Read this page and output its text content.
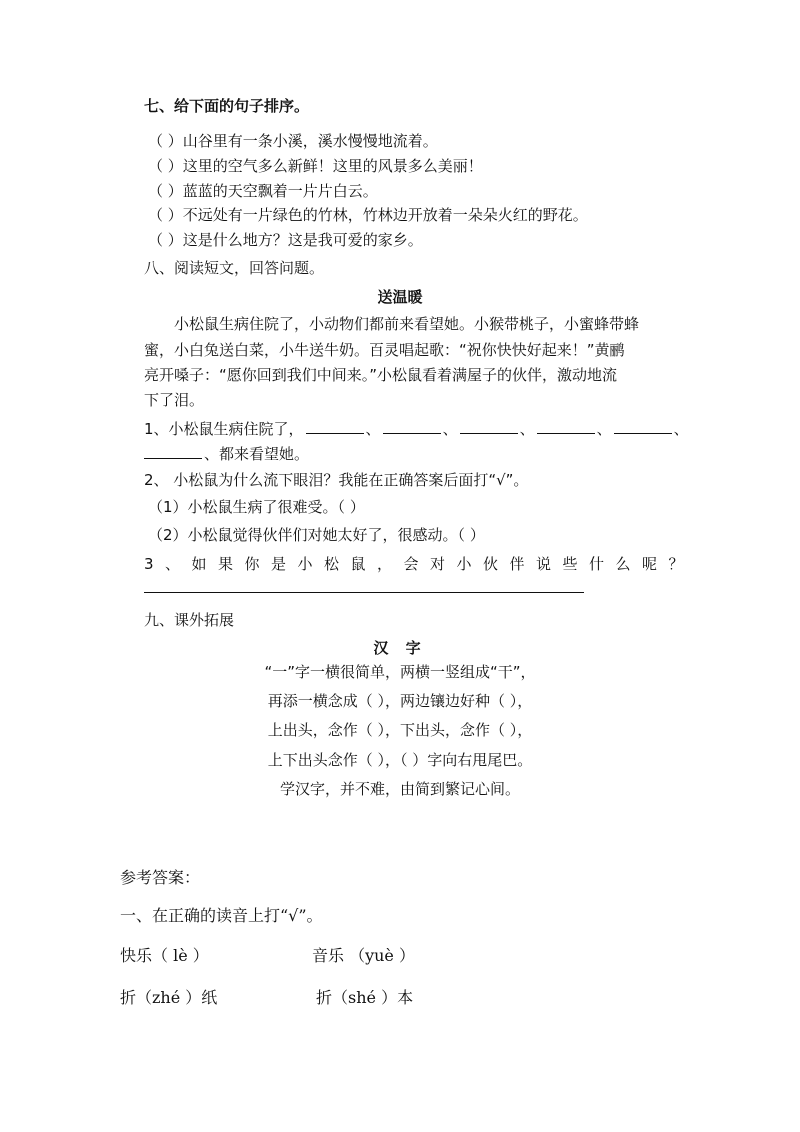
七、给下面的句子排序。
（ ）山谷里有一条小溪，溪水慢慢地流着。
（ ）这里的空气多么新鲜！这里的风景多么美丽！
（ ）蓝蓝的天空飘着一片片白云。
（ ）不远处有一片绿色的竹林，竹林边开放着一朵朵火红的野花。
（ ）这是什么地方？这是我可爱的家乡。
八、阅读短文，回答问题。
送温暖
小松鼠生病住院了，小动物们都前来看望她。小猴带桃子，小蜜蜂带蜂
蜜，小白兔送白菜，小牛送牛奶。百灵唱起歌：“祝你快快好起来！”黄鹂
亮开嗓子：“愿你回到我们中间来。”小松鼠看着满屋子的伙伴，激动地流
下了泪。
1、小松鼠生病住院了，	、	、	、	、	、
、都来看望她。
2、 小松鼠为什么流下眼泪？我能在正确答案后面打“√”。
（1）小松鼠生病了很难受。（ ）
（2）小松鼠觉得伙伴们对她太好了，很感动。（ ）
3、如果你是小松鼠，会对小伙伴说些什么呢？
九、课外拓展
汉 字
“一”字一横很简单，两横一竖组成“干”，
再添一横念成（ ），两边镶边好种（ ），
上出头，念作（ ），下出头，念作（ ），
上下出头念作（ ），（ ）字向右甩尾巴。
学汉字，并不难，由简到繁记心间。
参考答案：
一、在正确的读音上打“√”。
快乐（ lè ）	音乐 （yuè ）
折（zhé ）纸	折（shé ）本
